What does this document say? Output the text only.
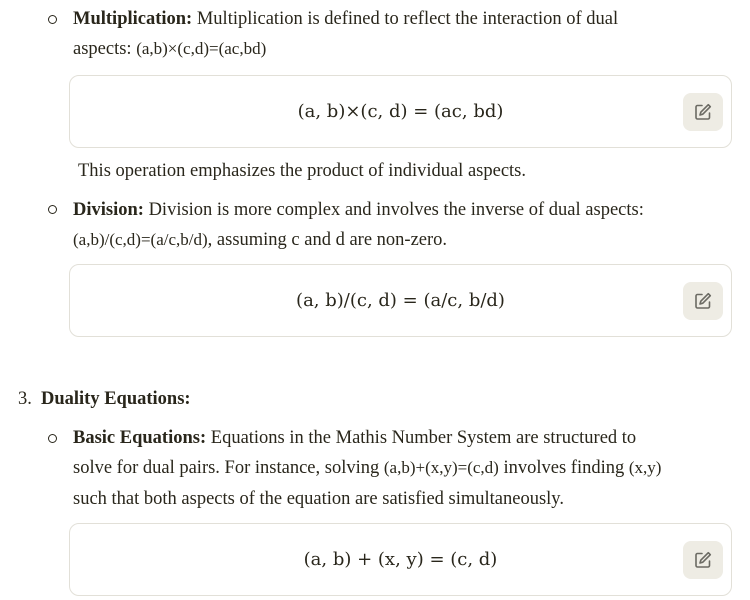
Multiplication: Multiplication is defined to reflect the interaction of dual
aspects: (a,b)×(c,d)=(ac,bd)
(a, b)×(c, d) = (ac, bd)
This operation emphasizes the product of individual aspects.
Division: Division is more complex and involves the inverse of dual aspects:
(a,b)/(c,d)=(a/c,b/d), assuming c and d are non-zero.
(a, b)/(c, d) = (a/c, b/d)
3. Duality Equations:
Basic Equations: Equations in the Mathis Number System are structured to
solve for dual pairs. For instance, solving (a,b)+(x,y)=(c,d) involves finding (x,y)
such that both aspects of the equation are satisfied simultaneously.
(a, b) + (x, y) = (c, d)
